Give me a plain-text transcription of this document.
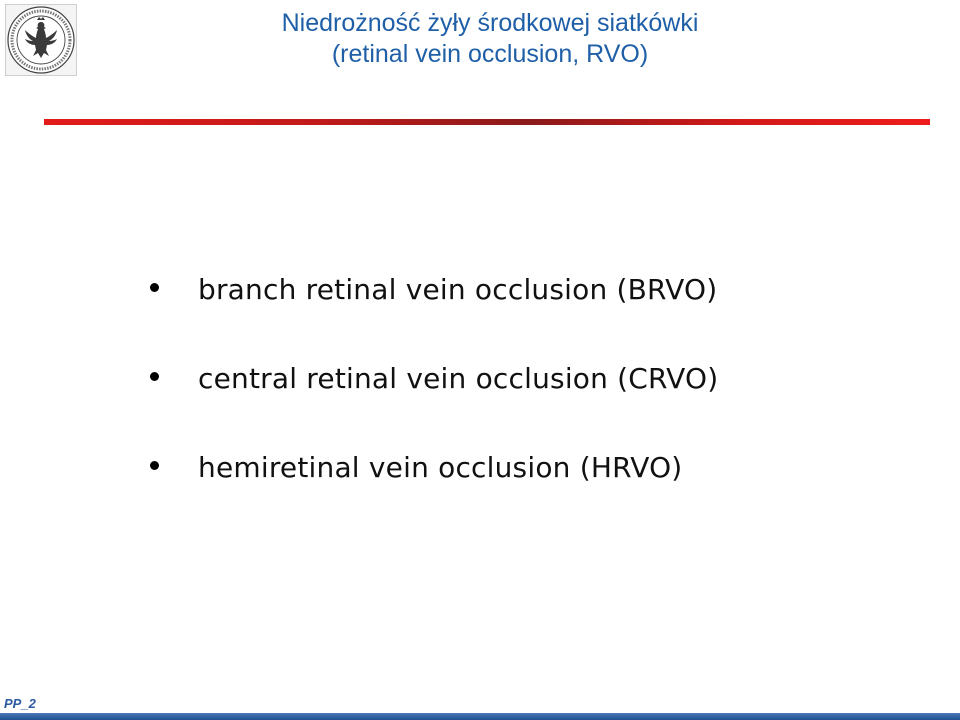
Niedrożność żyły środkowej siatkówki
(retinal vein occlusion, RVO)
branch retinal vein occlusion (BRVO)
central retinal vein occlusion (CRVO)
hemiretinal vein occlusion (HRVO)
PP_2
